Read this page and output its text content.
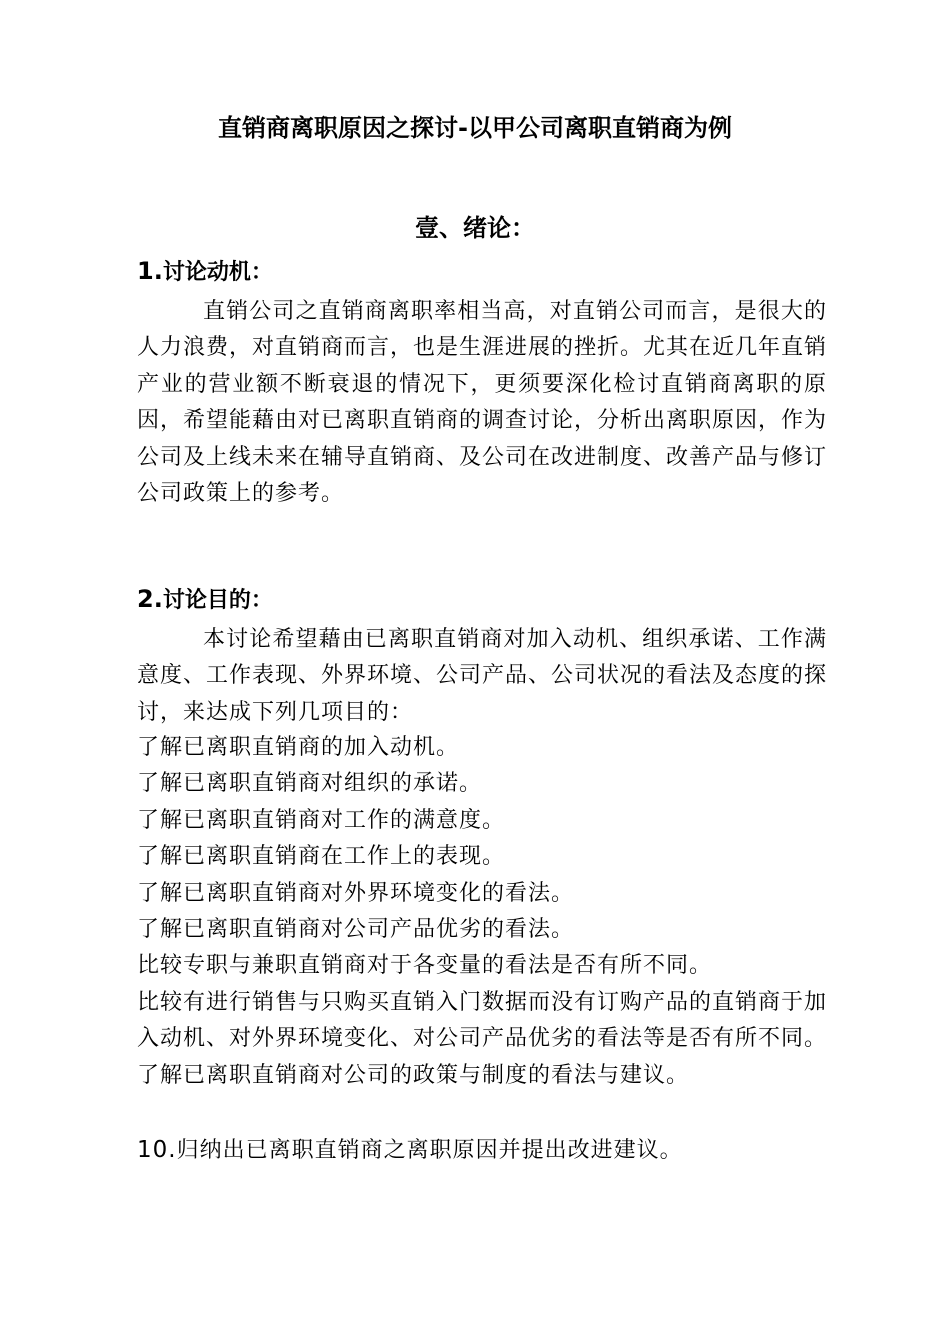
直销商离职原因之探讨-以甲公司离职直销商为例
壹、绪论：
1.讨论动机：

直销公司之直销商离职率相当高，对直销公司而言，是很大的人力浪费，对直销商而言，也是生涯进展的挫折。尤其在近几年直销产业的营业额不断衰退的情况下，更须要深化检讨直销商离职的原因，希望能藉由对已离职直销商的调查讨论，分析出离职原因，作为公司及上线未来在辅导直销商、及公司在改进制度、改善产品与修订公司政策上的参考。

2.讨论目的：

本讨论希望藉由已离职直销商对加入动机、组织承诺、工作满意度、工作表现、外界环境、公司产品、公司状况的看法及态度的探讨，来达成下列几项目的：

了解已离职直销商的加入动机。
了解已离职直销商对组织的承诺。
了解已离职直销商对工作的满意度。
了解已离职直销商在工作上的表现。
了解已离职直销商对外界环境变化的看法。
了解已离职直销商对公司产品优劣的看法。
比较专职与兼职直销商对于各变量的看法是否有所不同。
比较有进行销售与只购买直销入门数据而没有订购产品的直销商于加入动机、对外界环境变化、对公司产品优劣的看法等是否有所不同。
了解已离职直销商对公司的政策与制度的看法与建议。

10.归纳出已离职直销商之离职原因并提出改进建议。
